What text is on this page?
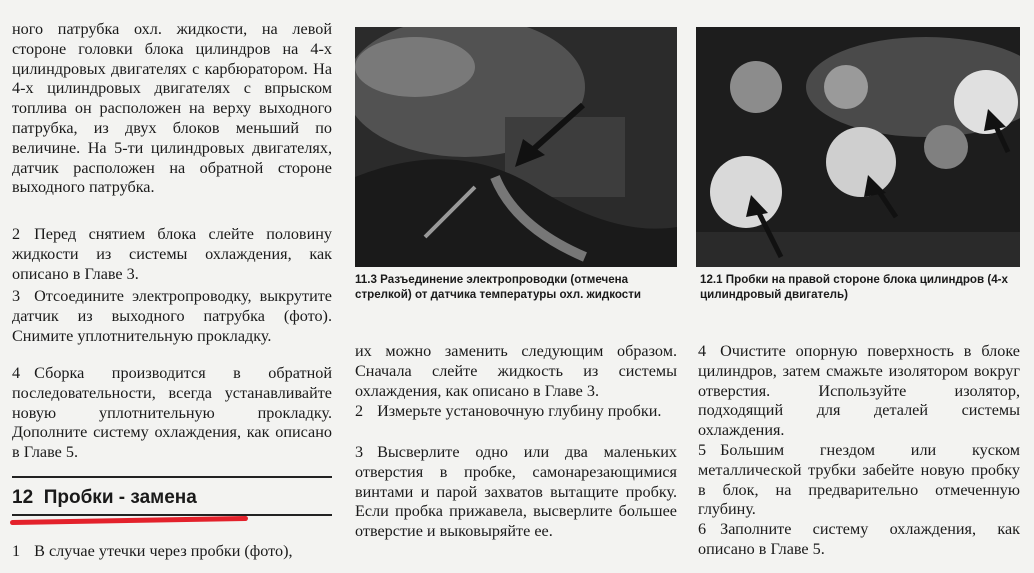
ного патрубка охл. жидкости, на левой стороне головки блока цилиндров на 4-х цилиндровых двигателях с карбюратором. На 4-х цилиндровых двигателях с впрыском топлива он расположен на верху выходного патрубка, из двух блоков меньший по величине. На 5-ти цилиндровых двигателях, датчик расположен на обратной стороне выходного патрубка.

2 Перед снятием блока слейте половину жидкости из системы охлаждения, как описано в Главе 3.

3 Отсоедините электропроводку, выкрутите датчик из выходного патрубка (фото). Снимите уплотнительную прокладку.

4 Сборка производится в обратной последовательности, всегда устанавливайте новую уплотнительную прокладку. Дополните систему охлаждения, как описано в Главе 5.

12 Пробки - замена

1 В случае утечки через пробки (фото),

11.3 Разъединение электропроводки (отмечена стрелкой) от датчика температуры охл. жидкости

12.1 Пробки на правой стороне блока цилиндров (4-х цилиндровый двигатель)

их можно заменить следующим образом. Сначала слейте жидкость из системы охлаждения, как описано в Главе 3.

2 Измерьте установочную глубину пробки.

3 Высверлите одно или два маленьких отверстия в пробке, самонарезающимися винтами и парой захватов вытащите пробку. Если пробка прижавела, высверлите большее отверстие и выковыряйте ее.

4 Очистите опорную поверхность в блоке цилиндров, затем смажьте изолятором вокруг отверстия. Используйте изолятор, подходящий для деталей системы охлаждения.

5 Большим гнездом или куском металлической трубки забейте новую пробку в блок, на предварительно отмеченную глубину.

6 Заполните систему охлаждения, как описано в Главе 5.
